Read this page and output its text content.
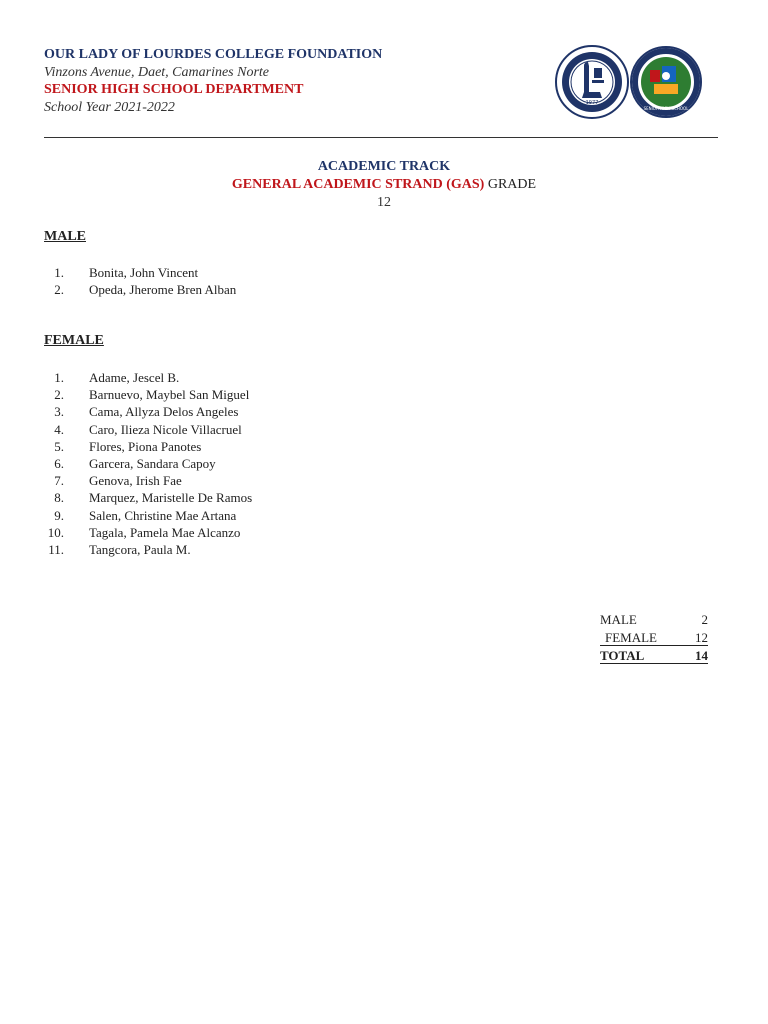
OUR LADY OF LOURDES COLLEGE FOUNDATION
Vinzons Avenue, Daet, Camarines Norte
SENIOR HIGH SCHOOL DEPARTMENT
School Year 2021-2022	1977
SENIOR HIGH SCHOOL
ACADEMIC TRACK
GENERAL ACADEMIC STRAND (GAS) GRADE
12
MALE
1. Bonita, John Vincent
2. Opeda, Jherome Bren Alban
FEMALE
1. Adame, Jescel B.
2. Barnuevo, Maybel San Miguel
3. Cama, Allyza Delos Angeles
4. Caro, Ilieza Nicole Villacruel
5. Flores, Piona Panotes
6. Garcera, Sandara Capoy
7. Genova, Irish Fae
8. Marquez, Maristelle De Ramos
9. Salen, Christine Mae Artana
10. Tagala, Pamela Mae Alcanzo
11. Tangcora, Paula M.
MALE	2
FEMALE	12
TOTAL	14
